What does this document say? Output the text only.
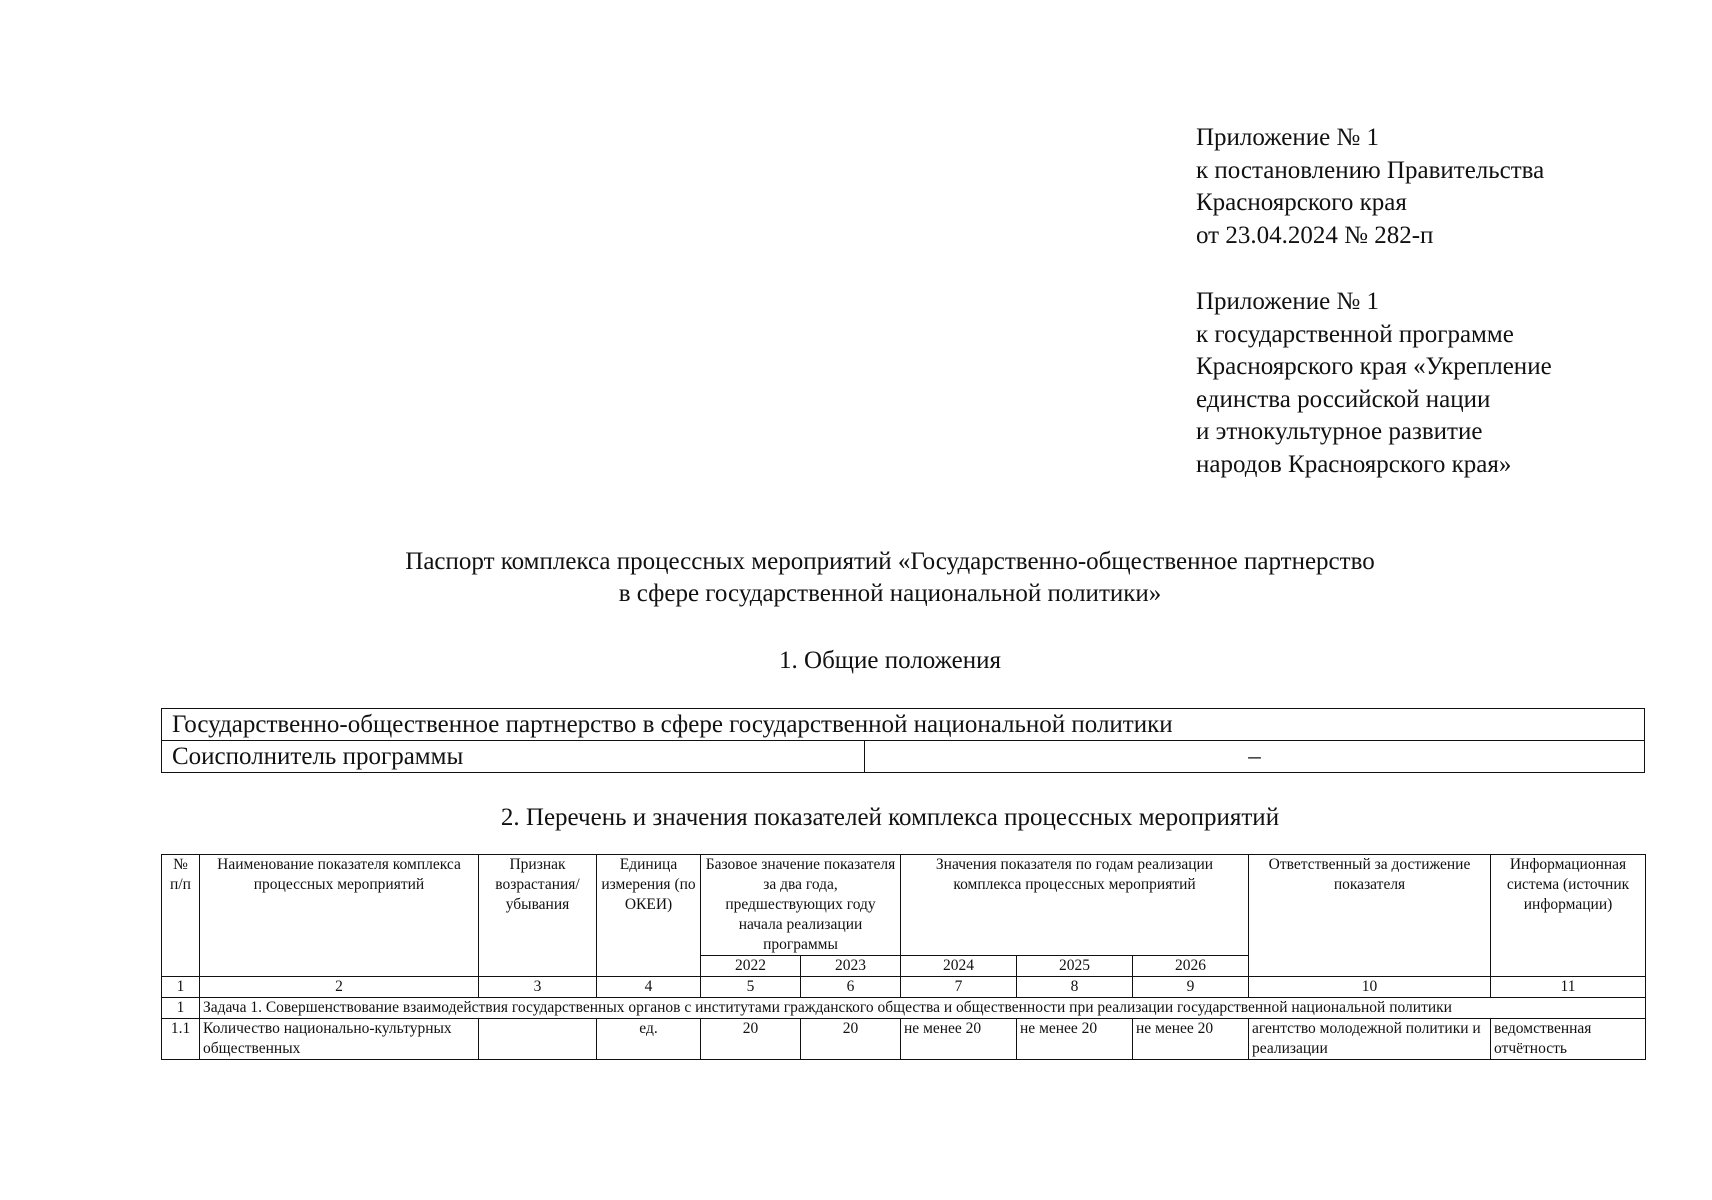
Приложение № 1
к постановлению Правительства
Красноярского края
от 23.04.2024 № 282-п
Приложение № 1
к государственной программе
Красноярского края «Укрепление
единства российской нации
и этнокультурное развитие
народов Красноярского края»
Паспорт комплекса процессных мероприятий «Государственно-общественное партнерство
в сфере государственной национальной политики»
1. Общие положения
Государственно-общественное партнерство в сфере государственной национальной политики
Соисполнитель программы	–
2. Перечень и значения показателей комплекса процессных мероприятий
№ п/п	Наименование показателя комплекса процессных мероприятий	Признак возрастания/ убывания	Единица измерения (по ОКЕИ)	Базовое значение показателя за два года, предшествующих году начала реализации программы		Значения показателя по годам реализации комплекса процессных мероприятий			Ответственный за достижение показателя	Информационная система (источник информации)
				2022	2023	2024	2025	2026		
1	2	3	4	5	6	7	8	9	10	11
1	Задача 1. Совершенствование взаимодействия государственных органов с институтами гражданского общества и общественности при реализации государственной национальной политики									
1.1	Количество национально-культурных общественных		ед.	20	20	не менее 20	не менее 20	не менее 20	агентство молодежной политики и реализации	ведомственная отчётность
